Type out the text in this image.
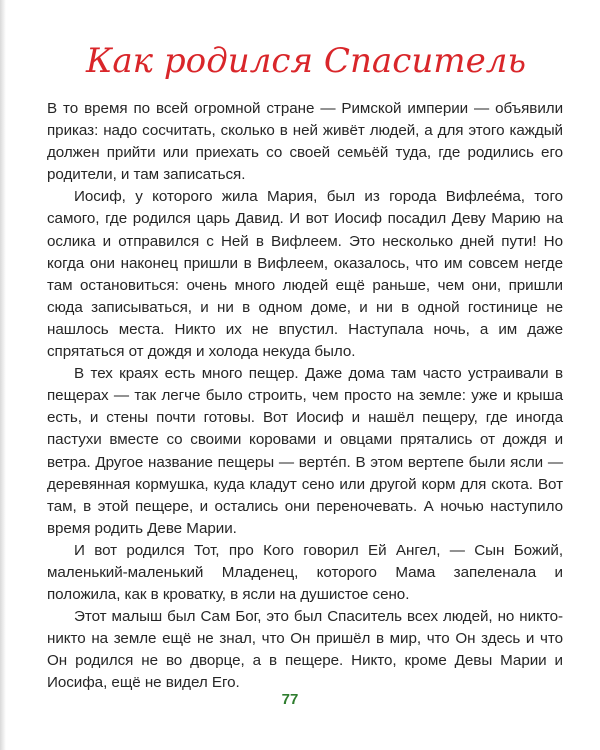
Как родился Спаситель

В то время по всей огромной стране — Римской империи — объявили приказ: надо сосчитать, сколько в ней живёт людей, а для этого каждый должен прийти или приехать со своей семьёй туда, где родились его родители, и там записаться.

Иосиф, у которого жила Мария, был из города Вифлеéма, того самого, где родился царь Давид. И вот Иосиф посадил Деву Марию на ослика и отправился с Ней в Вифлеем. Это несколько дней пути! Но когда они наконец пришли в Вифлеем, оказалось, что им совсем негде там остановиться: очень много людей ещё раньше, чем они, пришли сюда записываться, и ни в одном доме, и ни в одной гостинице не нашлось места. Никто их не впустил. Наступала ночь, а им даже спрятаться от дождя и холода некуда было.

В тех краях есть много пещер. Даже дома там часто устраивали в пещерах — так легче было строить, чем просто на земле: уже и крыша есть, и стены почти готовы. Вот Иосиф и нашёл пещеру, где иногда пастухи вместе со своими коровами и овцами прятались от дождя и ветра. Другое название пещеры — вертéп. В этом вертепе были ясли — деревянная кормушка, куда кладут сено или другой корм для скота. Вот там, в этой пещере, и остались они переночевать. А ночью наступило время родить Деве Марии.

И вот родился Тот, про Кого говорил Ей Ангел, — Сын Божий, маленький-маленький Младенец, которого Мама запеленала и положила, как в кроватку, в ясли на душистое сено.

Этот малыш был Сам Бог, это был Спаситель всех людей, но никто-никто на земле ещё не знал, что Он пришёл в мир, что Он здесь и что Он родился не во дворце, а в пещере. Никто, кроме Девы Марии и Иосифа, ещё не видел Его.

77
